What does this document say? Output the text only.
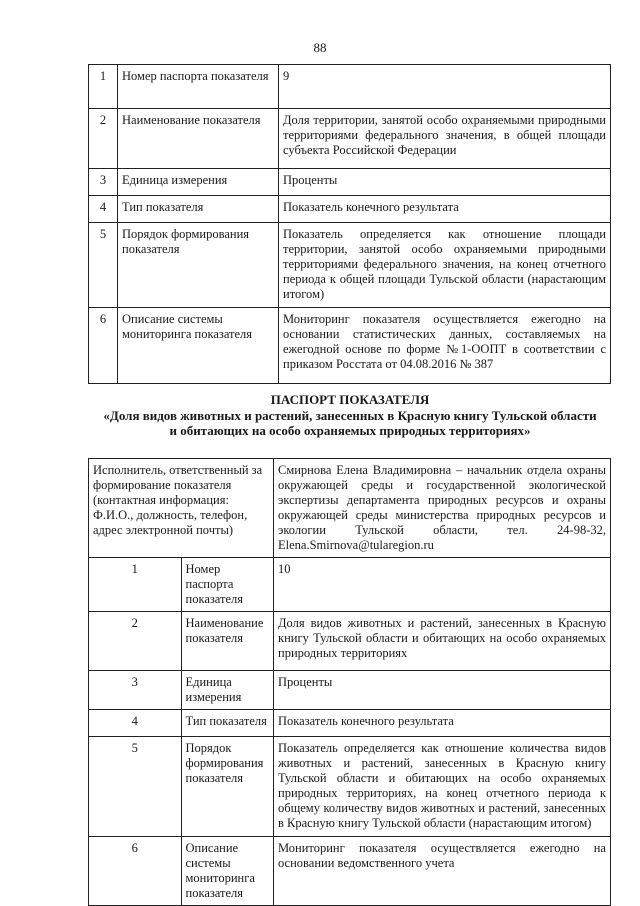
88
1	Номер паспорта показателя	9
2	Наименование показателя	Доля территории, занятой особо охраняемыми природными территориями федерального значения, в общей площади субъекта Российской Федерации
3	Единица измерения	Проценты
4	Тип показателя	Показатель конечного результата
5	Порядок формирования показателя	Показатель определяется как отношение площади территории, занятой особо охраняемыми природными территориями федерального значения, на конец отчетного периода к общей площади Тульской области (нарастающим итогом)
6	Описание системы мониторинга показателя	Мониторинг показателя осуществляется ежегодно на основании статистических данных, составляемых на ежегодной основе по форме №1-ООПТ в соответствии с приказом Росстата от 04.08.2016 № 387
ПАСПОРТ ПОКАЗАТЕЛЯ
«Доля видов животных и растений, занесенных в Красную книгу Тульской области
и обитающих на особо охраняемых природных территориях»
Исполнитель, ответственный за формирование показателя (контактная информация: Ф.И.О., должность, телефон, адрес электронной почты)		Смирнова Елена Владимировна – начальник отдела охраны окружающей среды и государственной экологической экспертизы департамента природных ресурсов и охраны окружающей среды министерства природных ресурсов и экологии Тульской области, тел. 24-98-32, Elena.Smirnova@tularegion.ru
1	Номер паспорта показателя	10
2	Наименование показателя	Доля видов животных и растений, занесенных в Красную книгу Тульской области и обитающих на особо охраняемых природных территориях
3	Единица измерения	Проценты
4	Тип показателя	Показатель конечного результата
5	Порядок формирования показателя	Показатель определяется как отношение количества видов животных и растений, занесенных в Красную книгу Тульской области и обитающих на особо охраняемых природных территориях, на конец отчетного периода к общему количеству видов животных и растений, занесенных в Красную книгу Тульской области (нарастающим итогом)
6	Описание системы мониторинга показателя	Мониторинг показателя осуществляется ежегодно на основании ведомственного учета
